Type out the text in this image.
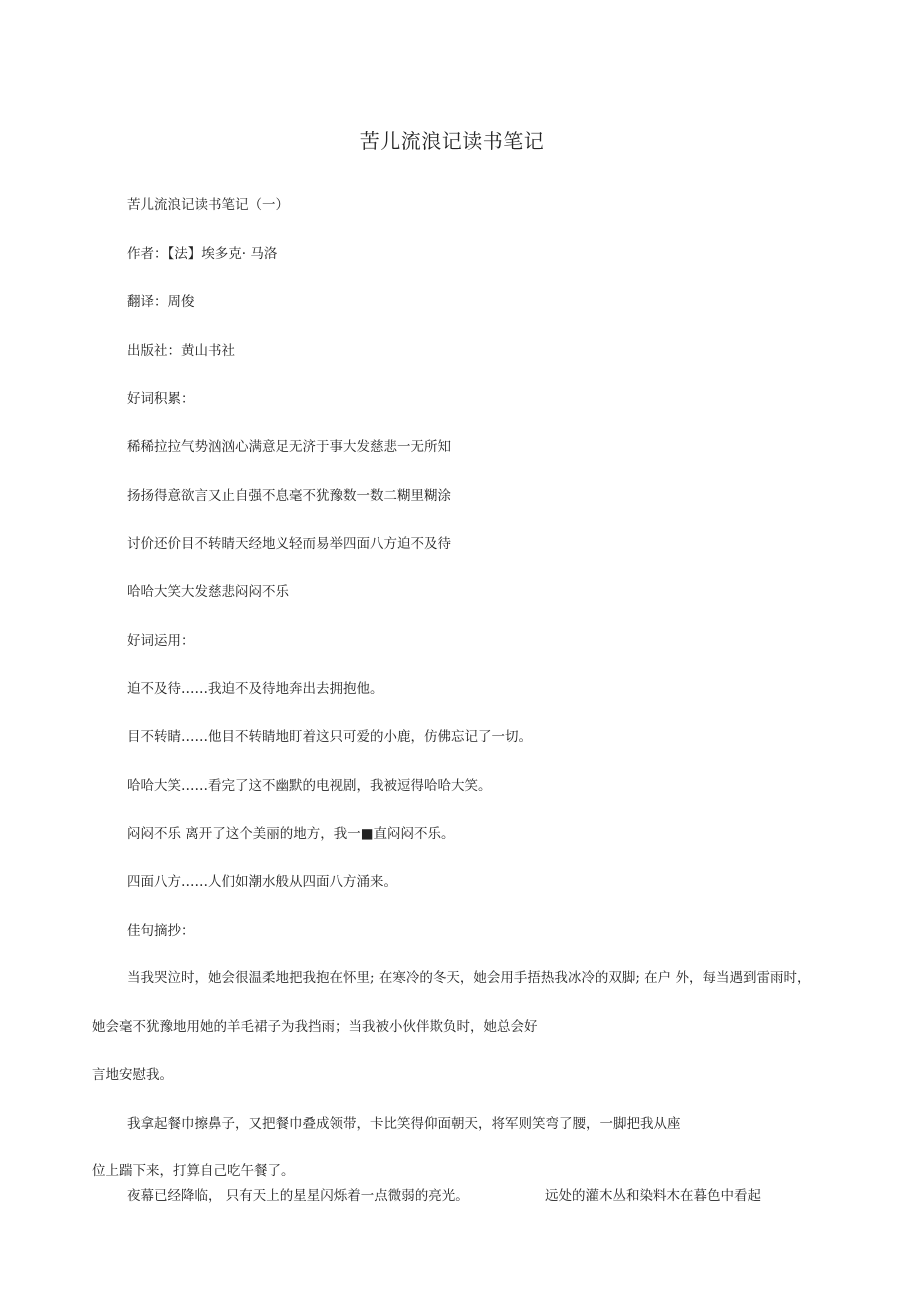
苦儿流浪记读书笔记
苦儿流浪记读书笔记（一）
作者：【法】埃多克· 马洛
翻译：周俊
出版社：黄山书社
好词积累：
稀稀拉拉气势汹汹心满意足无济于事大发慈悲一无所知
扬扬得意欲言又止自强不息毫不犹豫数一数二糊里糊涂
讨价还价目不转睛天经地义轻而易举四面八方迫不及待
哈哈大笑大发慈悲闷闷不乐
好词运用：
迫不及待……我迫不及待地奔出去拥抱他。
目不转睛……他目不转睛地盯着这只可爱的小鹿，仿佛忘记了一切。
哈哈大笑……看完了这不幽默的电视剧，我被逗得哈哈大笑。
闷闷不乐 离开了这个美丽的地方，我一■直闷闷不乐。
四面八方……人们如潮水般从四面八方涌来。
佳句摘抄：
当我哭泣时，她会很温柔地把我抱在怀里; 在寒冷的冬天，她会用手捂热我冰冷的双脚; 在户 外，每当遇到雷雨时，
她会毫不犹豫地用她的羊毛裙子为我挡雨；当我被小伙伴欺负时，她总会好
言地安慰我。
我拿起餐巾擦鼻子，又把餐巾叠成领带，卡比笑得仰面朝天，将军则笑弯了腰，一脚把我从座
位上踹下来，打算自己吃午餐了。
夜幕已经降临， 只有天上的星星闪烁着一点微弱的亮光。	远处的灌木丛和染料木在暮色中看起
